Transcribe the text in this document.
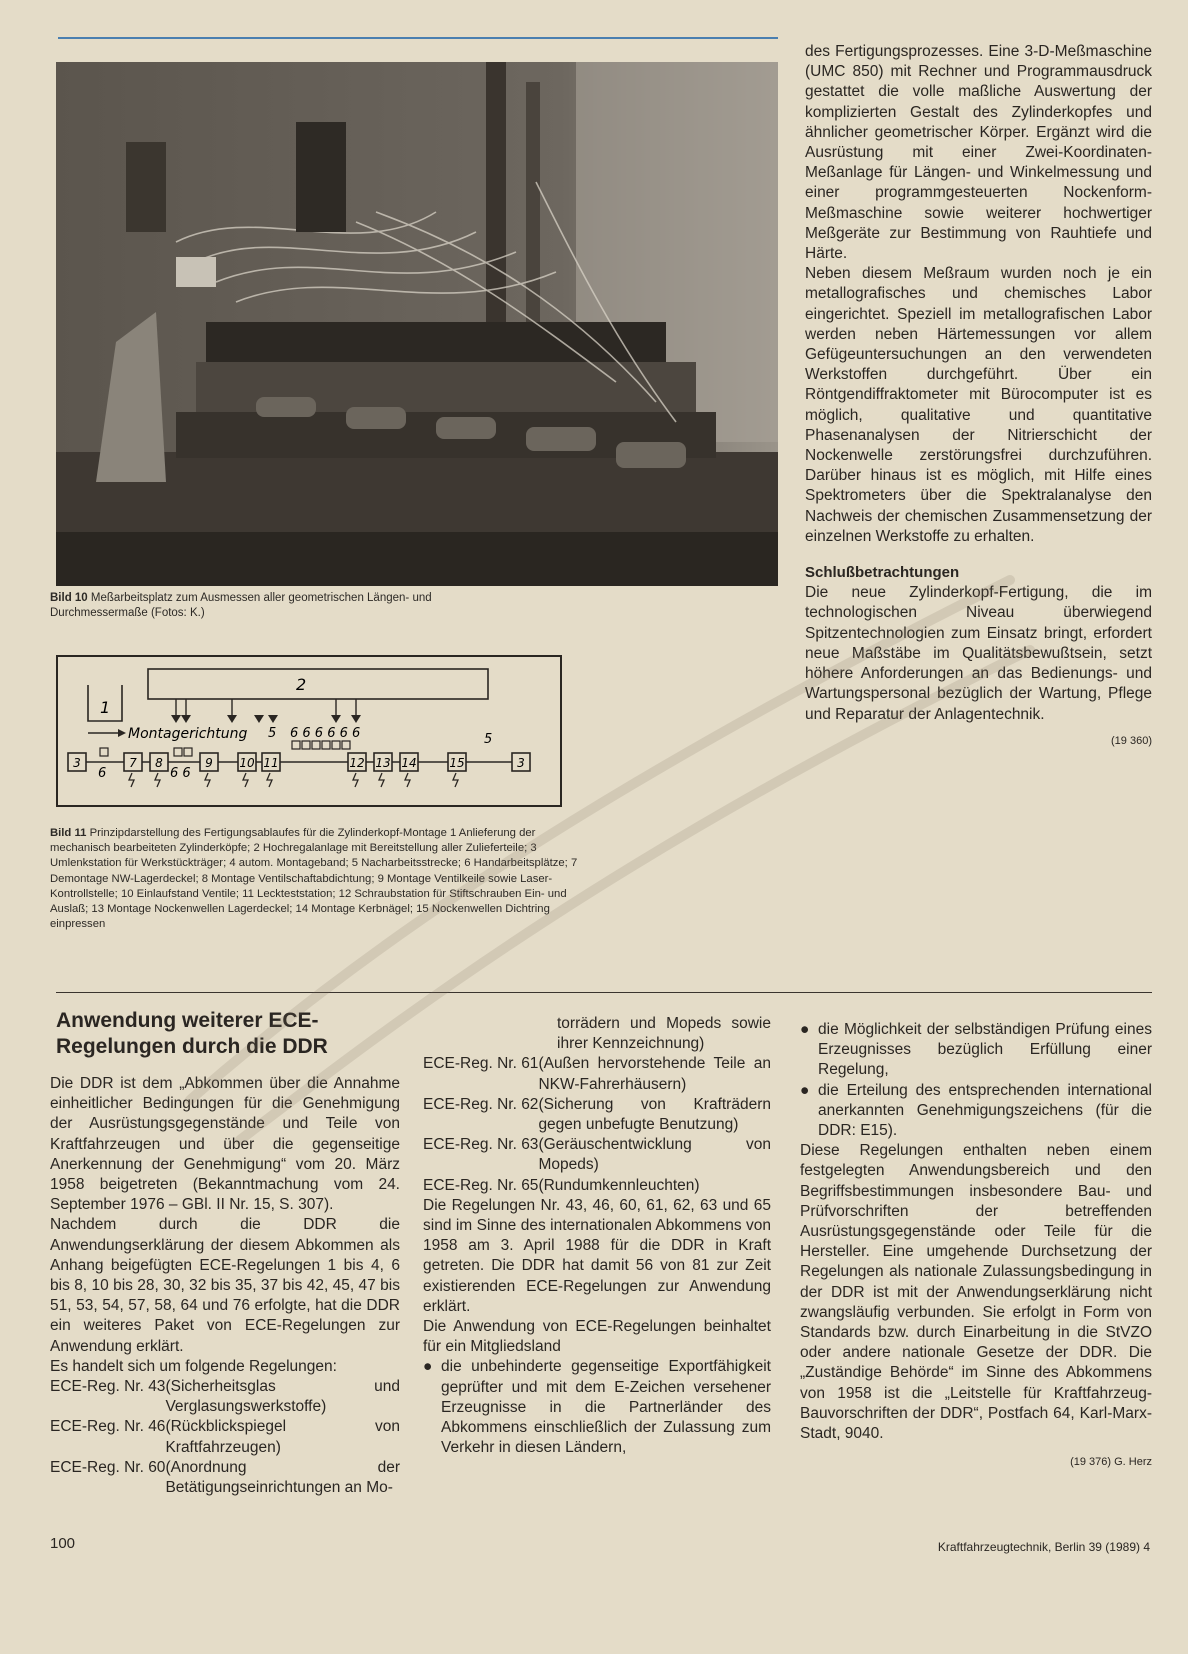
Bild 10 Meßarbeitsplatz zum Ausmessen aller geometrischen Längen- und Durchmessermaße (Fotos: K.)

des Fertigungsprozesses. Eine 3-D-Meßmaschine (UMC 850) mit Rechner und Programmausdruck gestattet die volle maßliche Auswertung der komplizierten Gestalt des Zylinderkopfes und ähnlicher geometrischer Körper. Ergänzt wird die Ausrüstung mit einer Zwei-Koordinaten-Meßanlage für Längen- und Winkelmessung und einer programmgesteuerten Nockenform-Meßmaschine sowie weiterer hochwertiger Meßgeräte zur Bestimmung von Rauhtiefe und Härte.

Neben diesem Meßraum wurden noch je ein metallografisches und chemisches Labor eingerichtet. Speziell im metallografischen Labor werden neben Härtemessungen vor allem Gefügeuntersuchungen an den verwendeten Werkstoffen durchgeführt. Über ein Röntgendiffraktometer mit Bürocomputer ist es möglich, qualitative und quantitative Phasenanalysen der Nitrierschicht der Nockenwelle zerstörungsfrei durchzuführen. Darüber hinaus ist es möglich, mit Hilfe eines Spektrometers über die Spektralanalyse den Nachweis der chemischen Zusammensetzung der einzelnen Werkstoffe zu erhalten.

Schlußbetrachtungen

Die neue Zylinderkopf-Fertigung, die im technologischen Niveau überwiegend Spitzentechnologien zum Einsatz bringt, erfordert neue Maßstäbe im Qualitätsbewußtsein, setzt höhere Anforderungen an das Bedienungs- und Wartungspersonal bezüglich der Wartung, Pflege und Reparatur der Anlagentechnik.

(19 360)

2
1
Montagerichtung 5 6 6 6 6 6 6	5
6	6 6
3	7 8	9 10 11	12 13 14	15	3
Bild 11 Prinzipdarstellung des Fertigungsablaufes für die Zylinderkopf-Montage 1 Anlieferung der mechanisch bearbeiteten Zylinderköpfe; 2 Hochregalanlage mit Bereitstellung aller Zulieferteile; 3 Umlenkstation für Werkstückträger; 4 autom. Montageband; 5 Nacharbeitsstrecke; 6 Handarbeitsplätze; 7 Demontage NW-Lagerdeckel; 8 Montage Ventilschaftabdichtung; 9 Montage Ventilkeile sowie Laser-Kontrollstelle; 10 Einlaufstand Ventile; 11 Leckteststation; 12 Schraubstation für Stiftschrauben Ein- und Auslaß; 13 Montage Nockenwellen Lagerdeckel; 14 Montage Kerbnägel; 15 Nockenwellen Dichtring einpressen
Anwendung weiterer ECE-Regelungen durch die DDR

Die DDR ist dem „Abkommen über die Annahme einheitlicher Bedingungen für die Genehmigung der Ausrüstungsgegenstände und Teile von Kraftfahrzeugen und über die gegenseitige Anerkennung der Genehmigung“ vom 20. März 1958 beigetreten (Bekanntmachung vom 24. September 1976 – GBl. II Nr. 15, S. 307).

Nachdem durch die DDR die Anwendungserklärung der diesem Abkommen als Anhang beigefügten ECE-Regelungen 1 bis 4, 6 bis 8, 10 bis 28, 30, 32 bis 35, 37 bis 42, 45, 47 bis 51, 53, 54, 57, 58, 64 und 76 erfolgte, hat die DDR ein weiteres Paket von ECE-Regelungen zur Anwendung erklärt.

Es handelt sich um folgende Regelungen:

ECE-Reg. Nr. 43 (Sicherheitsglas und Verglasungswerkstoffe)
ECE-Reg. Nr. 46 (Rückblickspiegel von Kraftfahrzeugen)
ECE-Reg. Nr. 60 (Anordnung der Betätigungseinrichtungen an Mo-

torrädern und Mopeds sowie ihrer Kennzeichnung)

ECE-Reg. Nr. 61 (Außen hervorstehende Teile an NKW-Fahrerhäusern)
ECE-Reg. Nr. 62 (Sicherung von Krafträdern gegen unbefugte Benutzung)
ECE-Reg. Nr. 63 (Geräuschentwicklung von Mopeds)
ECE-Reg. Nr. 65 (Rundumkennleuchten)

Die Regelungen Nr. 43, 46, 60, 61, 62, 63 und 65 sind im Sinne des internationalen Abkommens von 1958 am 3. April 1988 für die DDR in Kraft getreten. Die DDR hat damit 56 von 81 zur Zeit existierenden ECE-Regelungen zur Anwendung erklärt.

Die Anwendung von ECE-Regelungen beinhaltet für ein Mitgliedsland

● die unbehinderte gegenseitige Exportfähigkeit geprüfter und mit dem E-Zeichen versehener Erzeugnisse in die Partnerländer des Abkommens einschließlich der Zulassung zum Verkehr in diesen Ländern,
● die Möglichkeit der selbständigen Prüfung eines Erzeugnisses bezüglich Erfüllung einer Regelung,
● die Erteilung des entsprechenden international anerkannten Genehmigungszeichens (für die DDR: E15).

Diese Regelungen enthalten neben einem festgelegten Anwendungsbereich und den Begriffsbestimmungen insbesondere Bau- und Prüfvorschriften der betreffenden Ausrüstungsgegenstände oder Teile für die Hersteller. Eine umgehende Durchsetzung der Regelungen als nationale Zulassungsbedingung in der DDR ist mit der Anwendungserklärung nicht zwangsläufig verbunden. Sie erfolgt in Form von Standards bzw. durch Einarbeitung in die StVZO oder andere nationale Gesetze der DDR. Die „Zuständige Behörde“ im Sinne des Abkommens von 1958 ist die „Leitstelle für Kraftfahrzeug-Bauvorschriften der DDR“, Postfach 64, Karl-Marx-Stadt, 9040.

(19 376) G. Herz

100	Kraftfahrzeugtechnik, Berlin 39 (1989) 4
